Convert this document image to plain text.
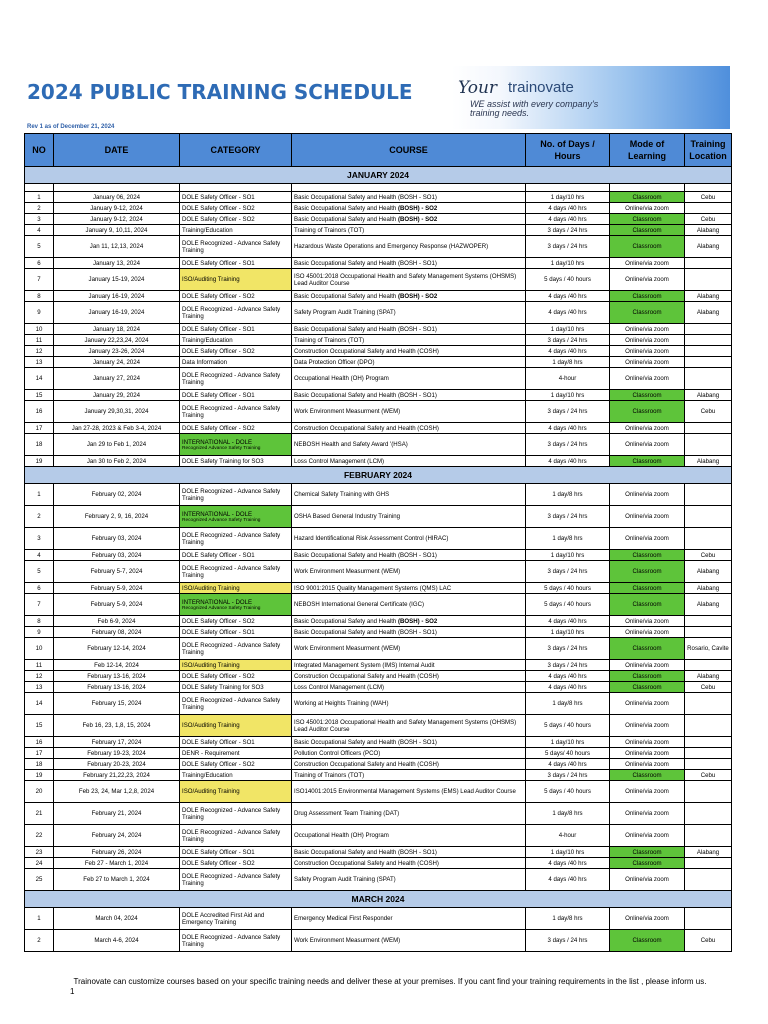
2024 PUBLIC TRAINING SCHEDULE
Rev 1 as of December 21, 2024
Your trainovate
WE assist with every company's training needs.
NO	DATE	CATEGORY	COURSE	No. of Days / Hours	Mode of Learning	Training Location
JANUARY 2024						

1	January 06, 2024	DOLE Safety Officer - SO1	Basic Occupational Safety and Health (BOSH - SO1)	1 day/10 hrs	Classroom	Cebu
2	January 9-12, 2024	DOLE Safety Officer - SO2	Basic Occupational Safety and Health (BOSH) - SO2	4 days /40 hrs	Online/via zoom	
3	January 9-12, 2024	DOLE Safety Officer - SO2	Basic Occupational Safety and Health (BOSH) - SO2	4 days /40 hrs	Classroom	Cebu
4	January 9, 10,11, 2024	Training/Education	Training of Trainors (TOT)	3 days / 24 hrs	Classroom	Alabang
5	Jan 11, 12,13, 2024	DOLE Recognized - Advance Safety Training	Hazardous Waste Operations and Emergency Response (HAZWOPER)	3 days / 24 hrs	Classroom	Alabang
6	January 13, 2024	DOLE Safety Officer - SO1	Basic Occupational Safety and Health (BOSH - SO1)	1 day/10 hrs	Online/via zoom	
7	January 15-19, 2024	ISO/Auditing Training	ISO 45001:2018 Occupational Health and Safety Management Systems (OHSMS) Lead Auditor Course	5 days / 40 hours	Online/via zoom	
8	January 16-19, 2024	DOLE Safety Officer - SO2	Basic Occupational Safety and Health (BOSH) - SO2	4 days /40 hrs	Classroom	Alabang
9	January 16-19, 2024	DOLE Recognized - Advance Safety Training	Safety Program Audit Training (SPAT)	4 days /40 hrs	Classroom	Alabang
10	January 18, 2024	DOLE Safety Officer - SO1	Basic Occupational Safety and Health (BOSH - SO1)	1 day/10 hrs	Online/via zoom	
11	January 22,23,24, 2024	Training/Education	Training of Trainors (TOT)	3 days / 24 hrs	Online/via zoom	
12	January 23-26, 2024	DOLE Safety Officer - SO2	Construction Occupational Safety and Health (COSH)	4 days /40 hrs	Online/via zoom	
13	January 24, 2024	Data Information	Data Protection Officer (DPO)	1 day/8 hrs	Online/via zoom	
14	January 27, 2024	DOLE Recognized - Advance Safety Training	Occupational Health (OH) Program	4-hour	Online/via zoom	
15	January 29, 2024	DOLE Safety Officer - SO1	Basic Occupational Safety and Health (BOSH - SO1)	1 day/10 hrs	Classroom	Alabang
16	January 29,30,31, 2024	DOLE Recognized - Advance Safety Training	Work Environment Measurment (WEM)	3 days / 24 hrs	Classroom	Cebu
17	Jan 27-28, 2023 & Feb 3-4, 2024	DOLE Safety Officer - SO2	Construction Occupational Safety and Health (COSH)	4 days /40 hrs	Online/via zoom	
18	Jan 29 to Feb 1, 2024	INTERNATIONAL - DOLE
Recognized Advance Safety Training	NEBOSH Health and Safety Award '(HSA)	3 days / 24 hrs	Online/via zoom	
19	Jan 30 to Feb 2, 2024	DOLE Safety Training for SO3	Loss Control Management (LCM)	4 days /40 hrs	Classroom	Alabang
FEBRUARY 2024						
1	February 02, 2024	DOLE Recognized - Advance Safety Training	Chemical Safety Training with GHS	1 day/8 hrs	Online/via zoom	
2	February 2, 9, 16, 2024	INTERNATIONAL - DOLE
Recognized Advance Safety Training	OSHA Based General Industry Training	3 days / 24 hrs	Online/via zoom	
3	February 03, 2024	DOLE Recognized - Advance Safety Training	Hazard Identificational Risk Assessment Control (HIRAC)	1 day/8 hrs	Online/via zoom	
4	February 03, 2024	DOLE Safety Officer - SO1	Basic Occupational Safety and Health (BOSH - SO1)	1 day/10 hrs	Classroom	Cebu
5	February 5-7, 2024	DOLE Recognized - Advance Safety Training	Work Environment Measurment (WEM)	3 days / 24 hrs	Classroom	Alabang
6	February 5-9, 2024	ISO/Auditing Training	ISO 9001:2015 Quality Management Systems (QMS) LAC	5 days / 40 hours	Classroom	Alabang
7	February 5-9, 2024	INTERNATIONAL - DOLE
Recognized Advance Safety Training	NEBOSH International General Certificate (IGC)	5 days / 40 hours	Classroom	Alabang
8	Feb 6-9, 2024	DOLE Safety Officer - SO2	Basic Occupational Safety and Health (BOSH) - SO2	4 days /40 hrs	Online/via zoom	
9	February 08, 2024	DOLE Safety Officer - SO1	Basic Occupational Safety and Health (BOSH - SO1)	1 day/10 hrs	Online/via zoom	
10	February 12-14, 2024	DOLE Recognized - Advance Safety Training	Work Environment Measurment (WEM)	3 days / 24 hrs	Classroom	Rosario, Cavite
11	Feb 12-14, 2024	ISO/Auditing Training	Integrated Management System (IMS) Internal Audit	3 days / 24 hrs	Online/via zoom	
12	February 13-16, 2024	DOLE Safety Officer - SO2	Construction Occupational Safety and Health (COSH)	4 days /40 hrs	Classroom	Alabang
13	February 13-16, 2024	DOLE Safety Training for SO3	Loss Control Management (LCM)	4 days /40 hrs	Classroom	Cebu
14	February 15, 2024	DOLE Recognized - Advance Safety Training	Working at Heights Training (WAH)	1 day/8 hrs	Online/via zoom	
15	Feb 16, 23, 1,8, 15, 2024	ISO/Auditing Training	ISO 45001:2018 Occupational Health and Safety Management Systems (OHSMS) Lead Auditor Course	5 days / 40 hours	Online/via zoom	
16	February 17, 2024	DOLE Safety Officer - SO1	Basic Occupational Safety and Health (BOSH - SO1)	1 day/10 hrs	Online/via zoom	
17	February 19-23, 2024	DENR - Requirement	Pollution Control Officers (PCO)	5 days/ 40 hours	Online/via zoom	
18	February 20-23, 2024	DOLE Safety Officer - SO2	Construction Occupational Safety and Health (COSH)	4 days /40 hrs	Online/via zoom	
19	February 21,22,23, 2024	Training/Education	Training of Trainors (TOT)	3 days / 24 hrs	Classroom	Cebu
20	Feb 23, 24, Mar 1,2,8, 2024	ISO/Auditing Training	ISO14001:2015 Environmental Management Systems (EMS) Lead Auditor Course	5 days / 40 hours	Online/via zoom	
21	February 21, 2024	DOLE Recognized - Advance Safety Training	Drug Assessment Team Training (DAT)	1 day/8 hrs	Online/via zoom	
22	February 24, 2024	DOLE Recognized - Advance Safety Training	Occupational Health (OH) Program	4-hour	Online/via zoom	
23	February 26, 2024	DOLE Safety Officer - SO1	Basic Occupational Safety and Health (BOSH - SO1)	1 day/10 hrs	Classroom	Alabang
24	Feb 27 - March 1, 2024	DOLE Safety Officer - SO2	Construction Occupational Safety and Health (COSH)	4 days /40 hrs	Classroom	
25	Feb 27 to March 1, 2024	DOLE Recognized - Advance Safety Training	Safety Program Audit Training (SPAT)	4 days /40 hrs	Online/via zoom	
MARCH 2024						
1	March 04, 2024	DOLE Accredited First Aid and Emergency Training	Emergency Medical First Responder	1 day/8 hrs	Online/via zoom	
2	March 4-6, 2024	DOLE Recognized - Advance Safety Training	Work Environment Measurment (WEM)	3 days / 24 hrs	Classroom	Cebu
Trainovate can customize courses based on your specific training needs and deliver these at your premises. If you cant find your training requirements in the list , please inform us.
1
